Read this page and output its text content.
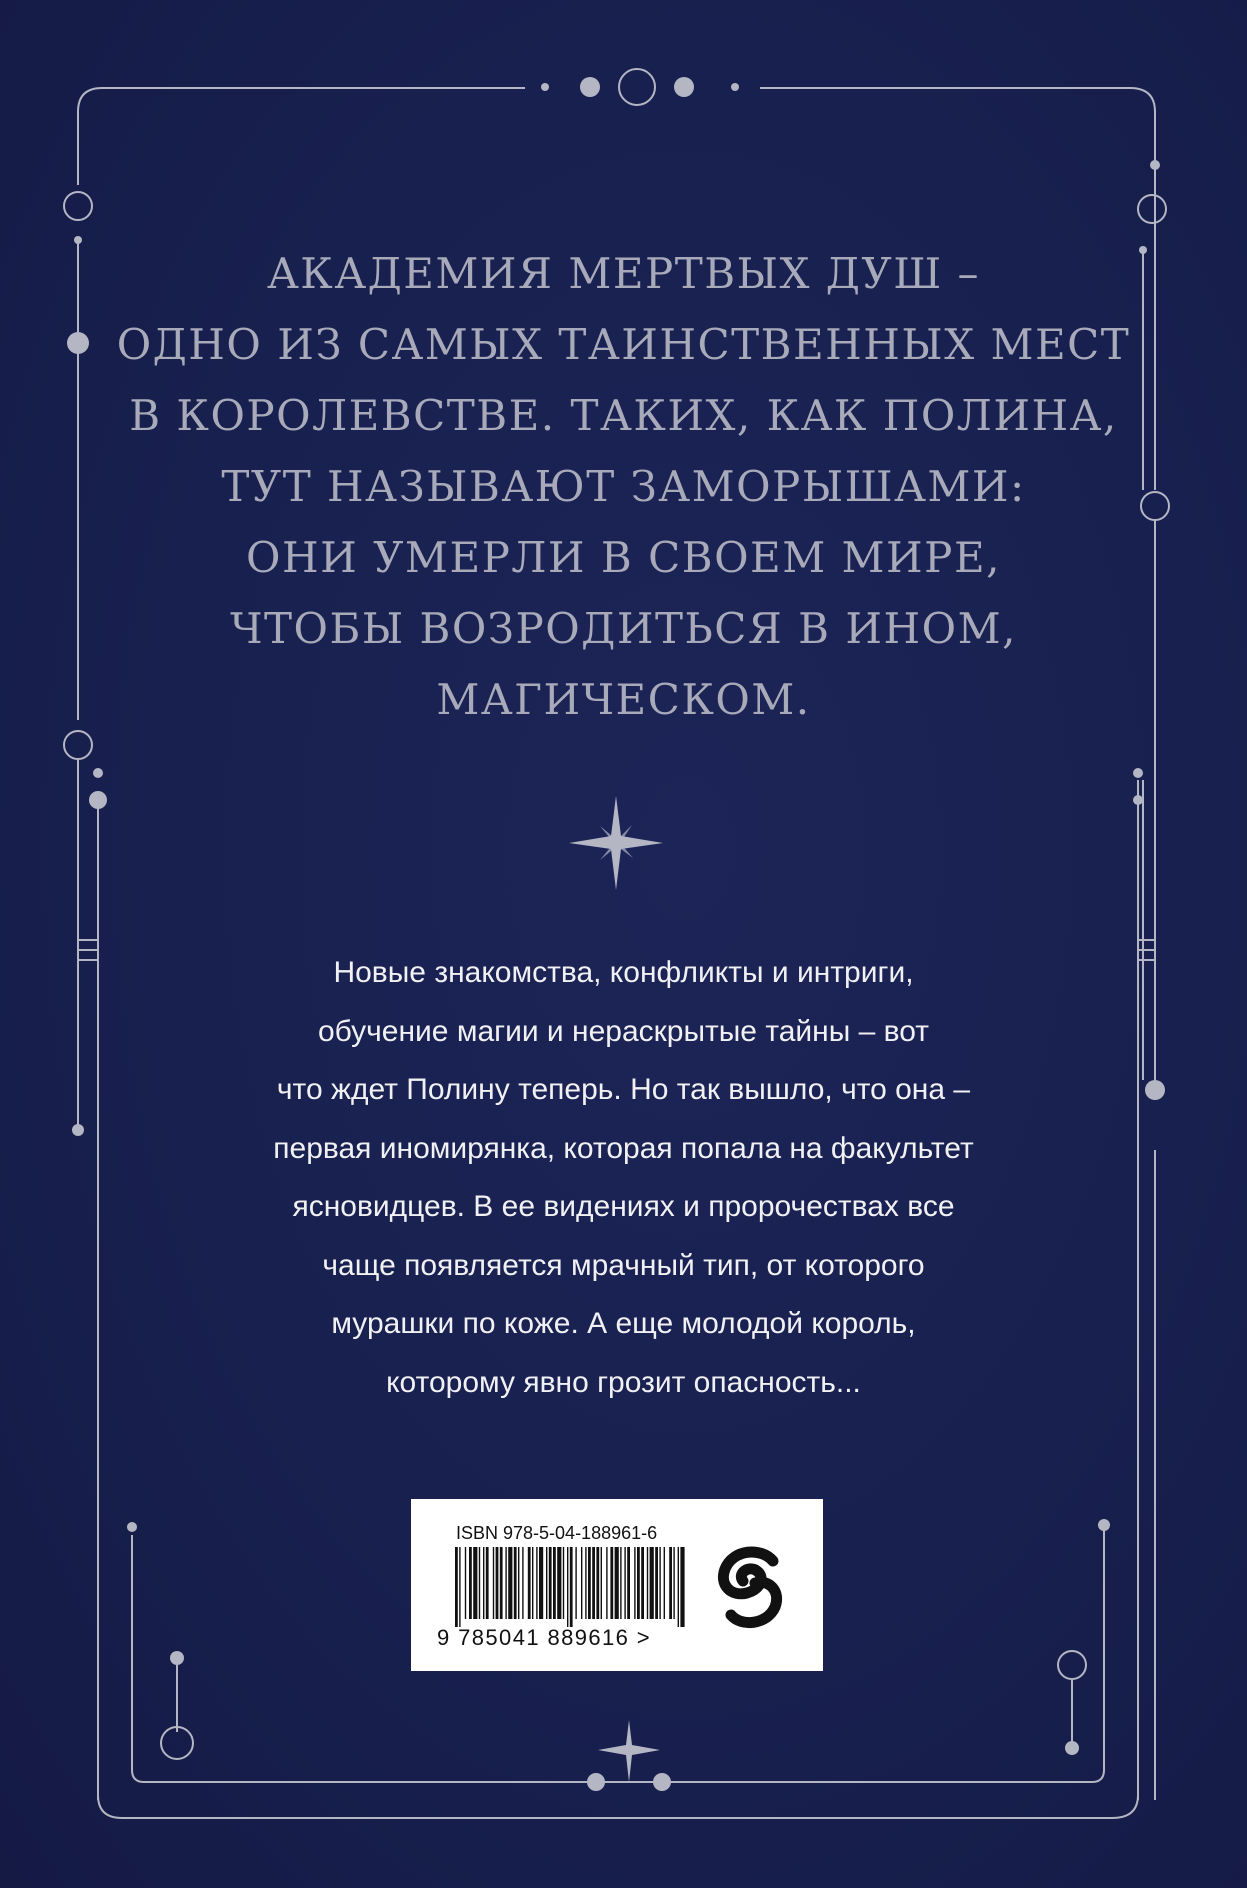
АКАДЕМИЯ МЕРТВЫХ ДУШ –
ОДНО ИЗ САМЫХ ТАИНСТВЕННЫХ МЕСТ
В КОРОЛЕВСТВЕ. ТАКИХ, КАК ПОЛИНА,
ТУТ НАЗЫВАЮТ ЗАМОРЫШАМИ:
ОНИ УМЕРЛИ В СВОЕМ МИРЕ,
ЧТОБЫ ВОЗРОДИТЬСЯ В ИНОМ,
МАГИЧЕСКОМ.
Новые знакомства, конфликты и интриги,
обучение магии и нераскрытые тайны – вот
что ждет Полину теперь. Но так вышло, что она –
первая иномирянка, которая попала на факультет
ясновидцев. В ее видениях и пророчествах все
чаще появляется мрачный тип, от которого
мурашки по коже. А еще молодой король,
которому явно грозит опасность...
ISBN 978-5-04-188961-6
9 785041 889616 >
